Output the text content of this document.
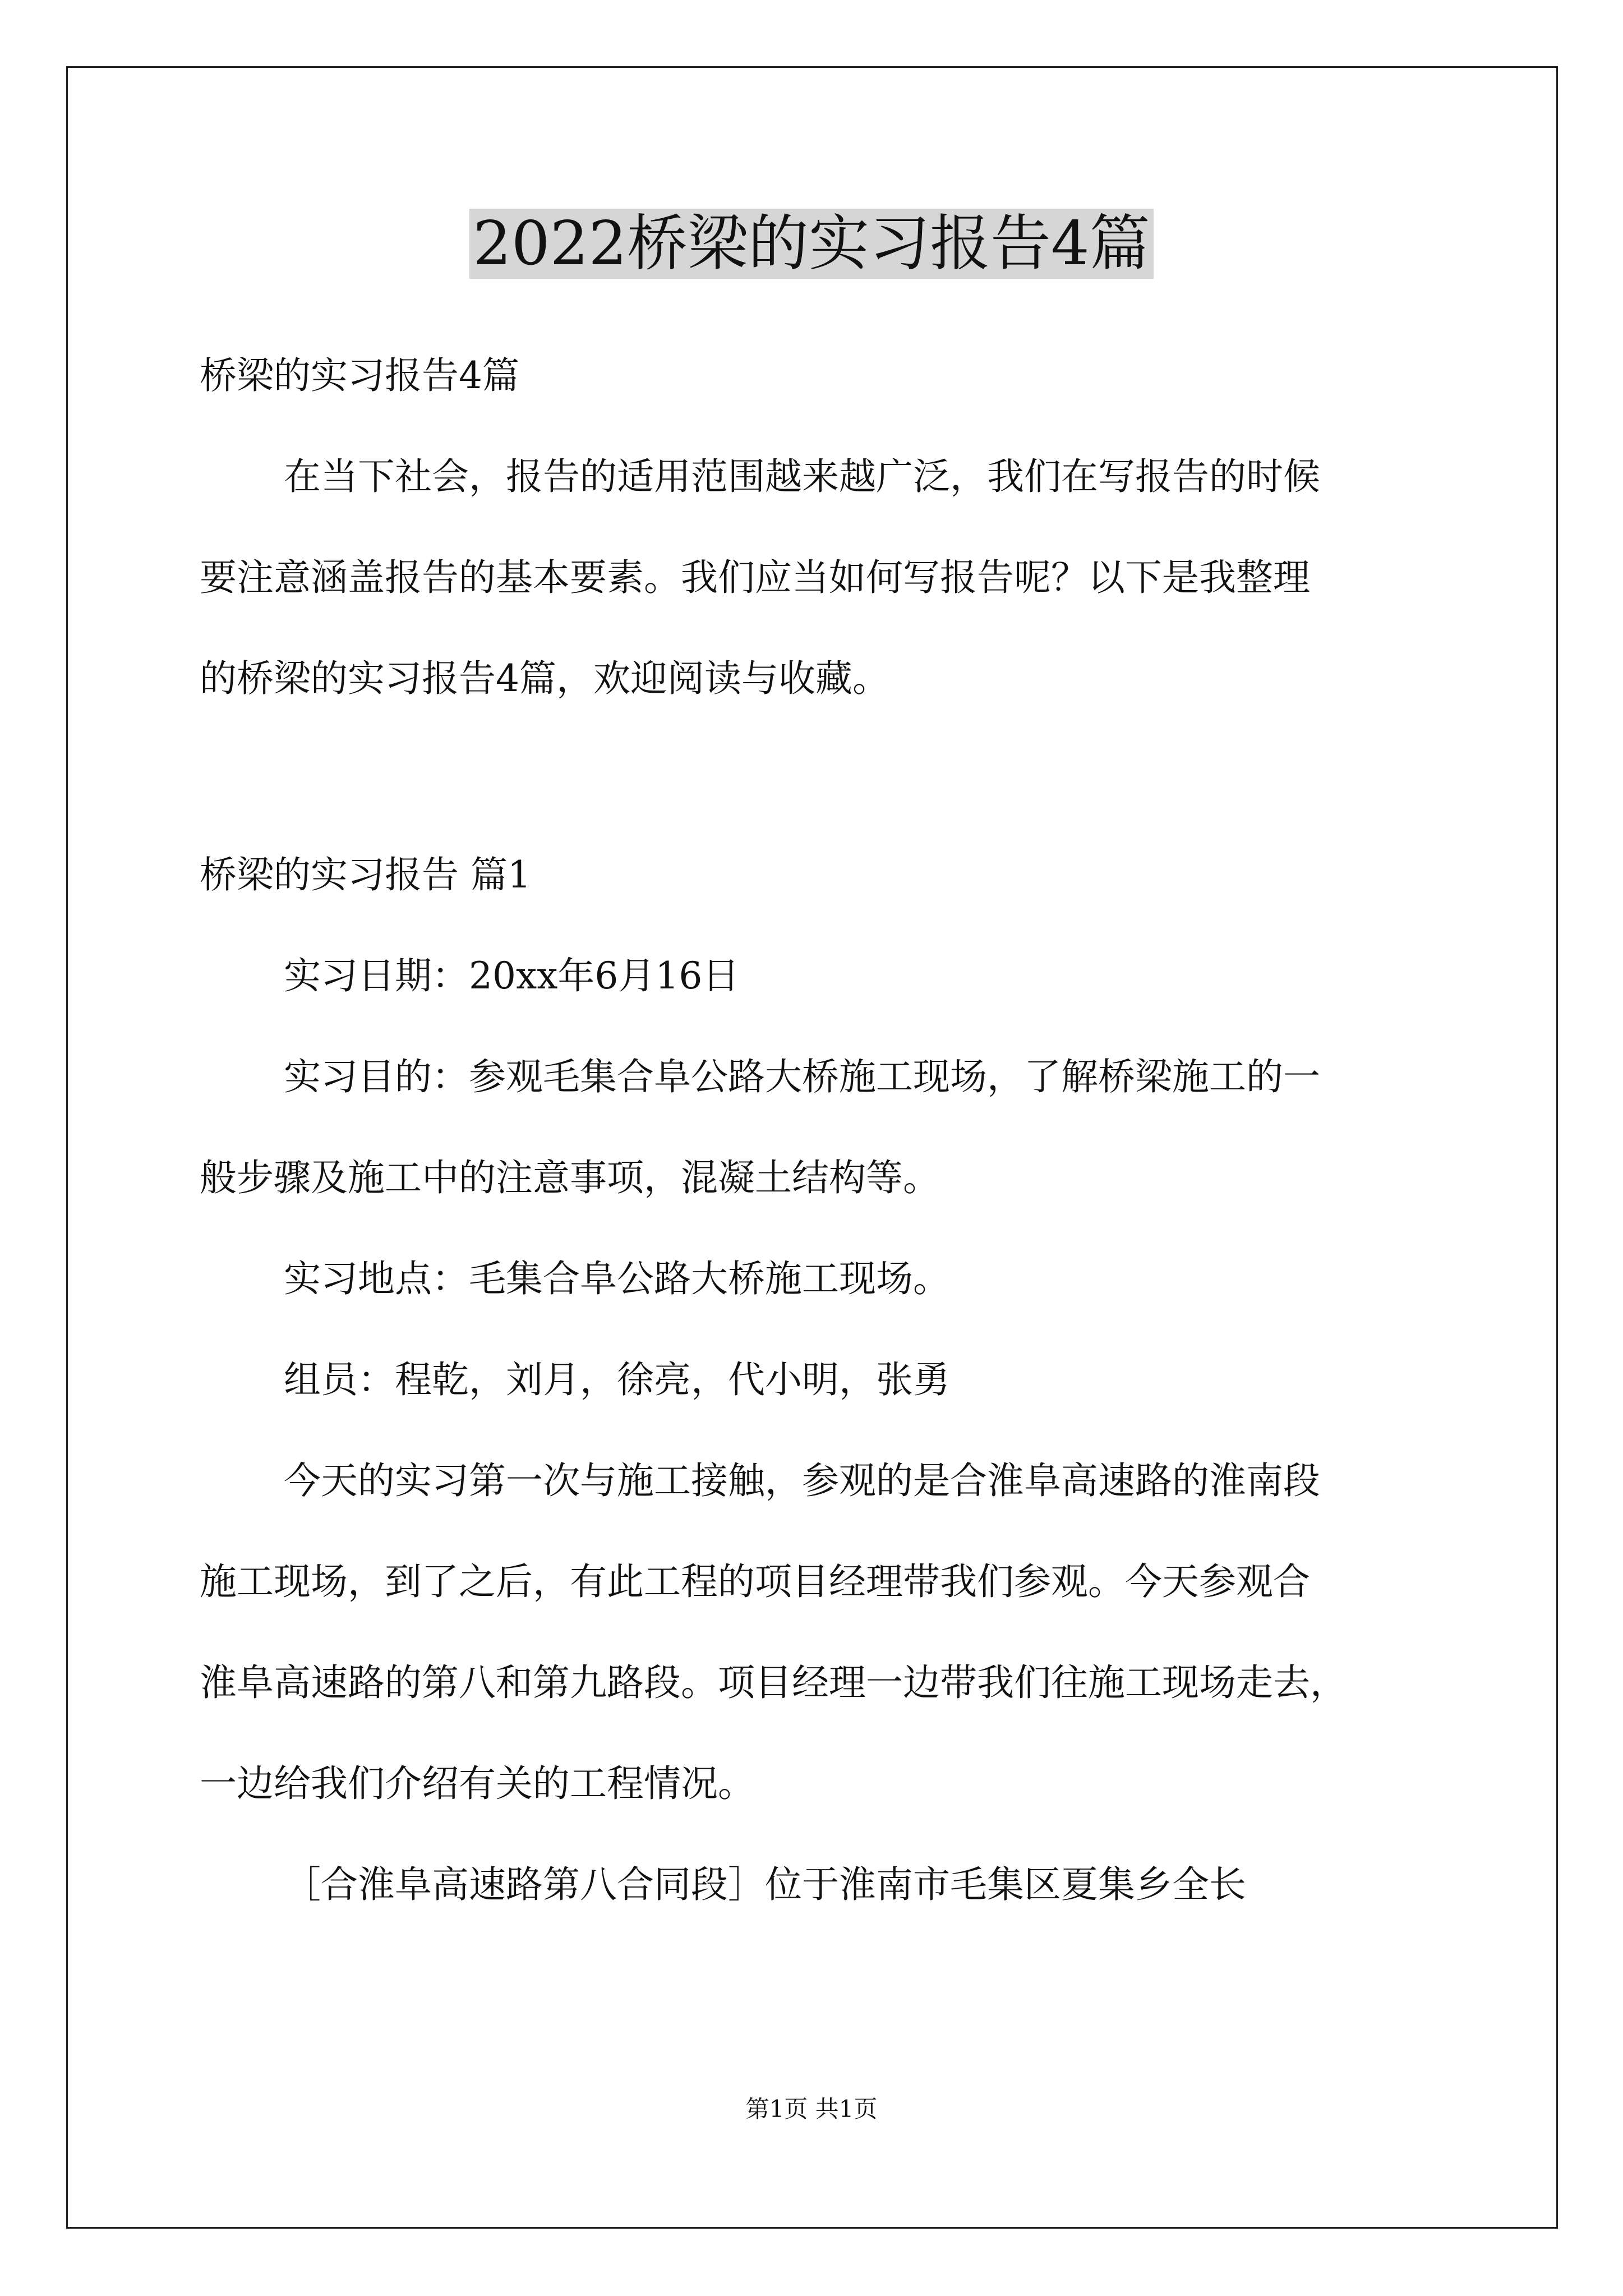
2022桥梁的实习报告4篇
桥梁的实习报告4篇
在当下社会，报告的适用范围越来越广泛，我们在写报告的时候
要注意涵盖报告的基本要素。我们应当如何写报告呢？以下是我整理
的桥梁的实习报告4篇，欢迎阅读与收藏。
桥梁的实习报告 篇1
实习日期：20xx年6月16日
实习目的：参观毛集合阜公路大桥施工现场，了解桥梁施工的一
般步骤及施工中的注意事项，混凝土结构等。
实习地点：毛集合阜公路大桥施工现场。
组员：程乾，刘月，徐亮，代小明，张勇
今天的实习第一次与施工接触，参观的是合淮阜高速路的淮南段
施工现场，到了之后，有此工程的项目经理带我们参观。今天参观合
淮阜高速路的第八和第九路段。项目经理一边带我们往施工现场走去，
一边给我们介绍有关的工程情况。
［合淮阜高速路第八合同段］位于淮南市毛集区夏集乡全长
第1页 共1页
